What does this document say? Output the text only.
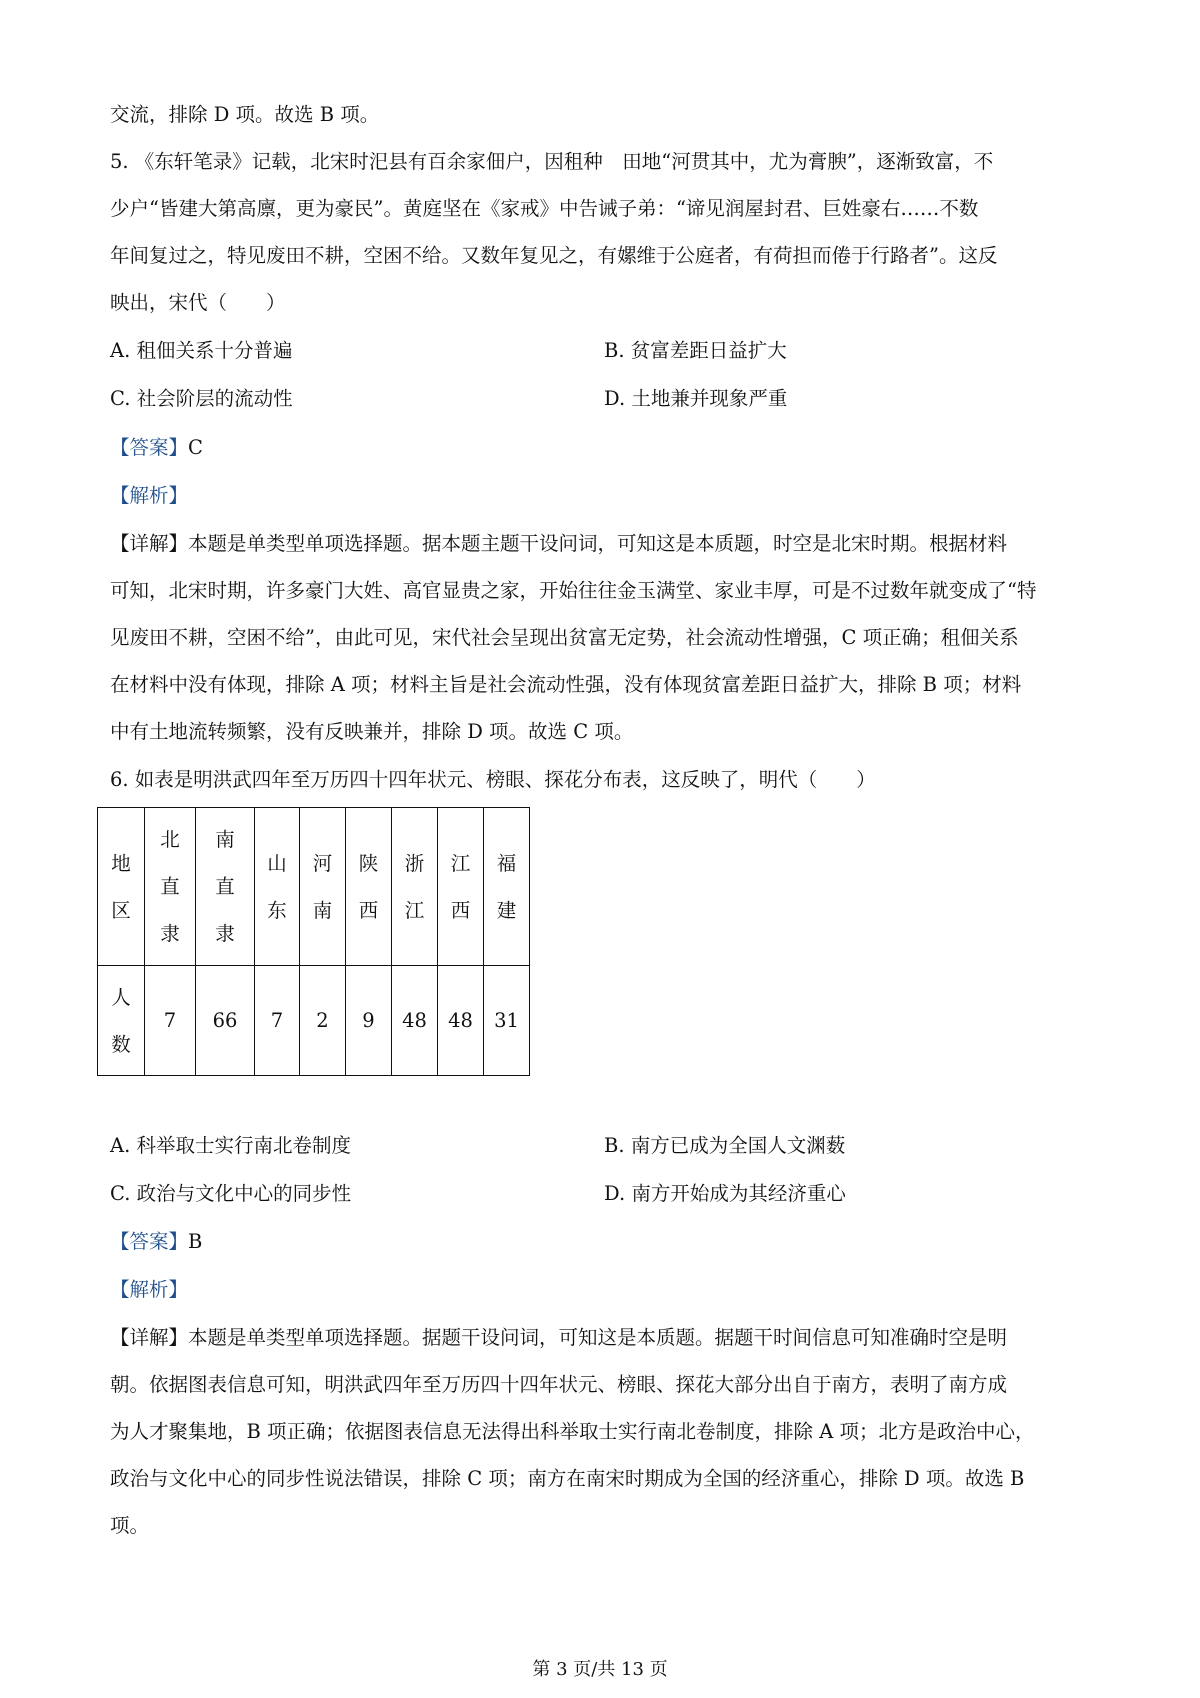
交流，排除 D 项。故选 B 项。
5. 《东轩笔录》记载，北宋时汜县有百余家佃户，因租种　田地“河贯其中，尤为膏腴”，逐渐致富，不
少户“皆建大第高廪，更为豪民”。黄庭坚在《家戒》中告诫子弟：“谛见润屋封君、巨姓豪右……不数
年间复过之，特见废田不耕，空困不给。又数年复见之，有嫘维于公庭者，有荷担而倦于行路者”。这反
映出，宋代（　　）
A. 租佃关系十分普遍	B. 贫富差距日益扩大
C. 社会阶层的流动性	D. 土地兼并现象严重
【答案】C
【解析】
【详解】本题是单类型单项选择题。据本题主题干设问词，可知这是本质题，时空是北宋时期。根据材料
可知，北宋时期，许多豪门大姓、高官显贵之家，开始往往金玉满堂、家业丰厚，可是不过数年就变成了“特
见废田不耕，空困不给”，由此可见，宋代社会呈现出贫富无定势，社会流动性增强，C 项正确；租佃关系
在材料中没有体现，排除 A 项；材料主旨是社会流动性强，没有体现贫富差距日益扩大，排除 B 项；材料
中有土地流转频繁，没有反映兼并，排除 D 项。故选 C 项。
6. 如表是明洪武四年至万历四十四年状元、榜眼、探花分布表，这反映了，明代（　　）
地
区	北
直
隶	南
直
隶	山
东	河
南	陕
西	浙
江	江
西	福
建

人
数	7	66	7	2	9	48	48	31
A. 科举取士实行南北卷制度	B. 南方已成为全国人文渊薮
C. 政治与文化中心的同步性	D. 南方开始成为其经济重心
【答案】B
【解析】
【详解】本题是单类型单项选择题。据题干设问词，可知这是本质题。据题干时间信息可知准确时空是明
朝。依据图表信息可知，明洪武四年至万历四十四年状元、榜眼、探花大部分出自于南方，表明了南方成
为人才聚集地，B 项正确；依据图表信息无法得出科举取士实行南北卷制度，排除 A 项；北方是政治中心，
政治与文化中心的同步性说法错误，排除 C 项；南方在南宋时期成为全国的经济重心，排除 D 项。故选 B
项。
第 3 页/共 13 页
